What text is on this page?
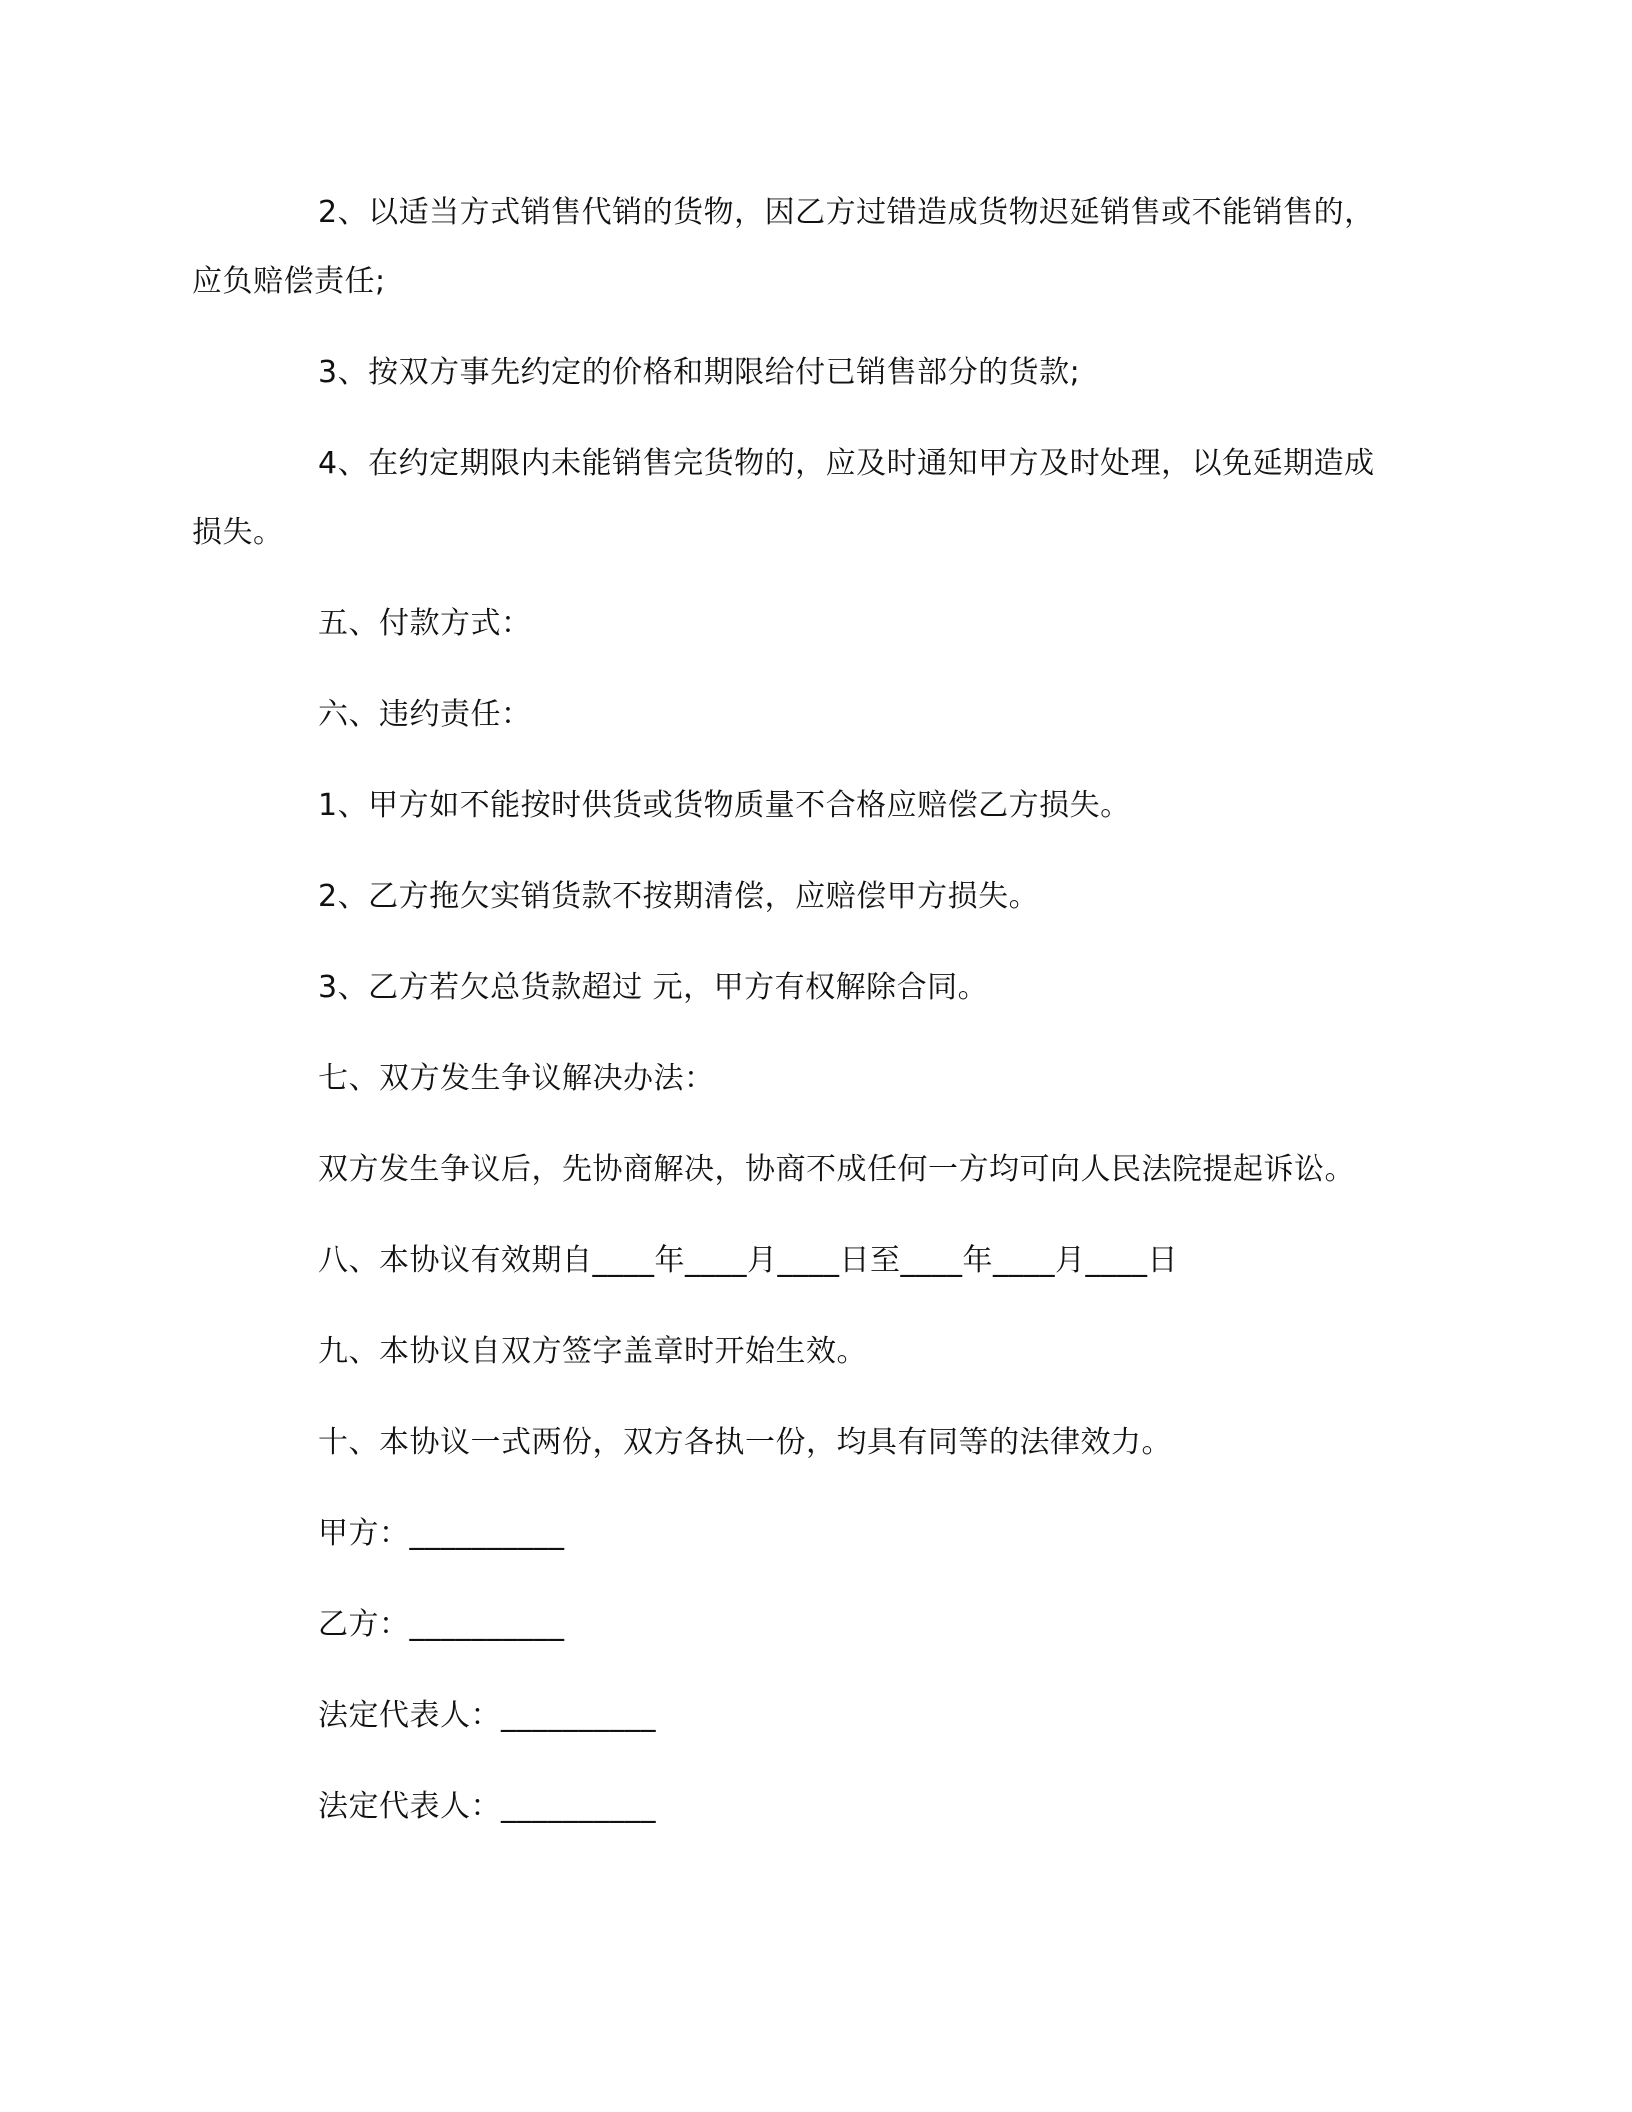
2、以适当方式销售代销的货物，因乙方过错造成货物迟延销售或不能销售的，
应负赔偿责任;
3、按双方事先约定的价格和期限给付已销售部分的货款;
4、在约定期限内未能销售完货物的，应及时通知甲方及时处理，以免延期造成
损失。
五、付款方式：
六、违约责任：
1、甲方如不能按时供货或货物质量不合格应赔偿乙方损失。
2、乙方拖欠实销货款不按期清偿，应赔偿甲方损失。
3、乙方若欠总货款超过 元，甲方有权解除合同。
七、双方发生争议解决办法：
双方发生争议后，先协商解决，协商不成任何一方均可向人民法院提起诉讼。
八、本协议有效期自____年____月____日至____年____月____日
九、本协议自双方签字盖章时开始生效。
十、本协议一式两份，双方各执一份，均具有同等的法律效力。
甲方：__________
乙方：__________
法定代表人：__________
法定代表人：__________
